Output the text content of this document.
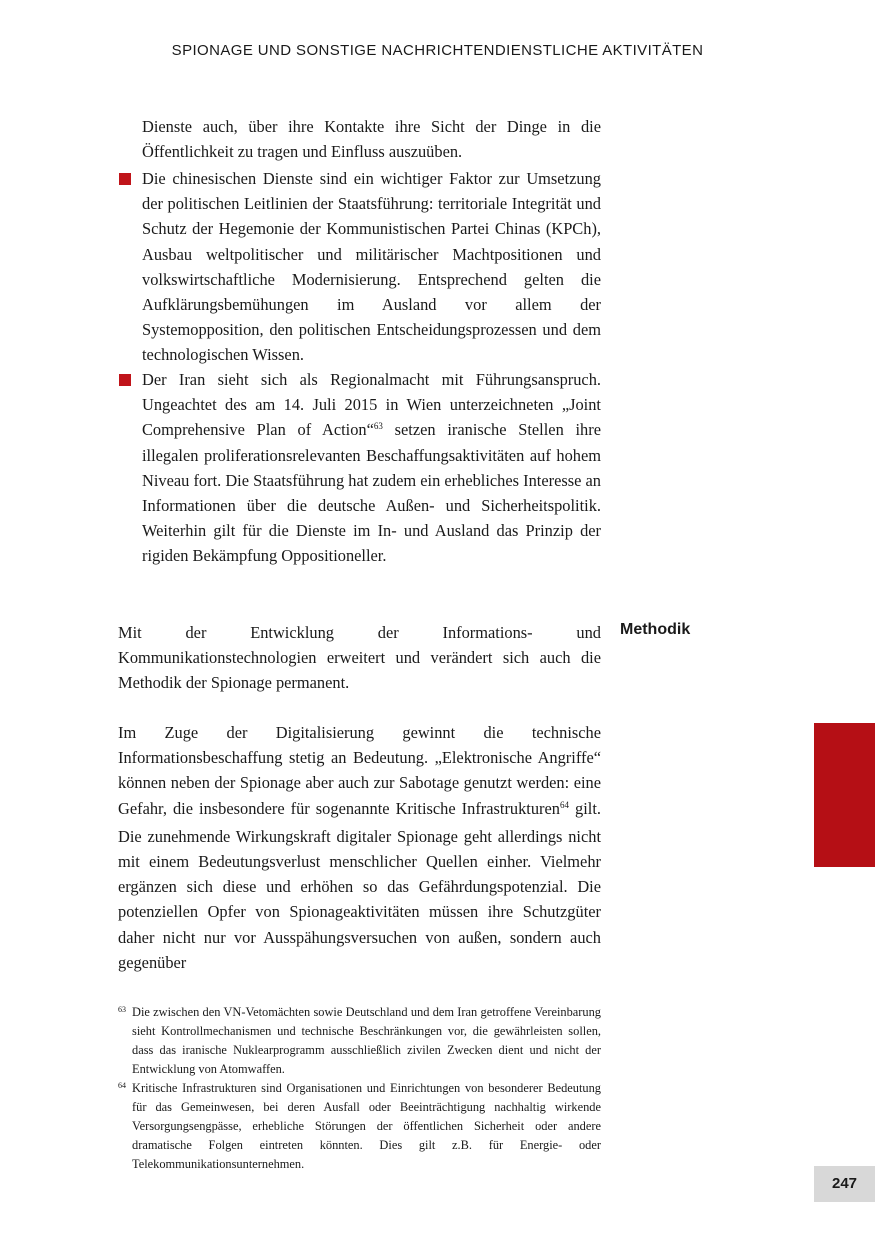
SPIONAGE UND SONSTIGE NACHRICHTENDIENSTLICHE AKTIVITÄTEN
Dienste auch, über ihre Kontakte ihre Sicht der Dinge in die Öffentlichkeit zu tragen und Einfluss auszuüben.
Die chinesischen Dienste sind ein wichtiger Faktor zur Umsetzung der politischen Leitlinien der Staatsführung: territoriale Integrität und Schutz der Hegemonie der Kommunistischen Partei Chinas (KPCh), Ausbau weltpolitischer und militärischer Machtpositionen und volkswirtschaftliche Modernisierung. Entsprechend gelten die Aufklärungsbemühungen im Ausland vor allem der Systemopposition, den politischen Entscheidungsprozessen und dem technologischen Wissen.
Der Iran sieht sich als Regionalmacht mit Führungsanspruch. Ungeachtet des am 14. Juli 2015 in Wien unterzeichneten „Joint Comprehensive Plan of Action“$^{63}$ setzen iranische Stellen ihre illegalen proliferationsrelevanten Beschaffungsaktivitäten auf hohem Niveau fort. Die Staatsführung hat zudem ein erhebliches Interesse an Informationen über die deutsche Außen- und Sicherheitspolitik. Weiterhin gilt für die Dienste im In- und Ausland das Prinzip der rigiden Bekämpfung Oppositioneller.
Methodik

Mit der Entwicklung der Informations- und Kommunikationstechnologien erweitert und verändert sich auch die Methodik der Spionage permanent.

Im Zuge der Digitalisierung gewinnt die technische Informationsbeschaffung stetig an Bedeutung. „Elektronische Angriffe“ können neben der Spionage aber auch zur Sabotage genutzt werden: eine Gefahr, die insbesondere für sogenannte Kritische Infrastrukturen$^{64}$ gilt. Die zunehmende Wirkungskraft digitaler Spionage geht allerdings nicht mit einem Bedeutungsverlust menschlicher Quellen einher. Vielmehr ergänzen sich diese und erhöhen so das Gefährdungspotenzial. Die potenziellen Opfer von Spionageaktivitäten müssen ihre Schutzgüter daher nicht nur vor Ausspähungsversuchen von außen, sondern auch gegenüber

63 Die zwischen den VN-Vetomächten sowie Deutschland und dem Iran getroffene Vereinbarung sieht Kontrollmechanismen und technische Beschränkungen vor, die gewährleisten sollen, dass das iranische Nuklearprogramm ausschließlich zivilen Zwecken dient und nicht der Entwicklung von Atomwaffen.
64 Kritische Infrastrukturen sind Organisationen und Einrichtungen von besonderer Bedeutung für das Gemeinwesen, bei deren Ausfall oder Beeinträchtigung nachhaltig wirkende Versorgungsengpässe, erhebliche Störungen der öffentlichen Sicherheit oder andere dramatische Folgen eintreten könnten. Dies gilt z.B. für Energie- oder Telekommunikationsunternehmen.
247
